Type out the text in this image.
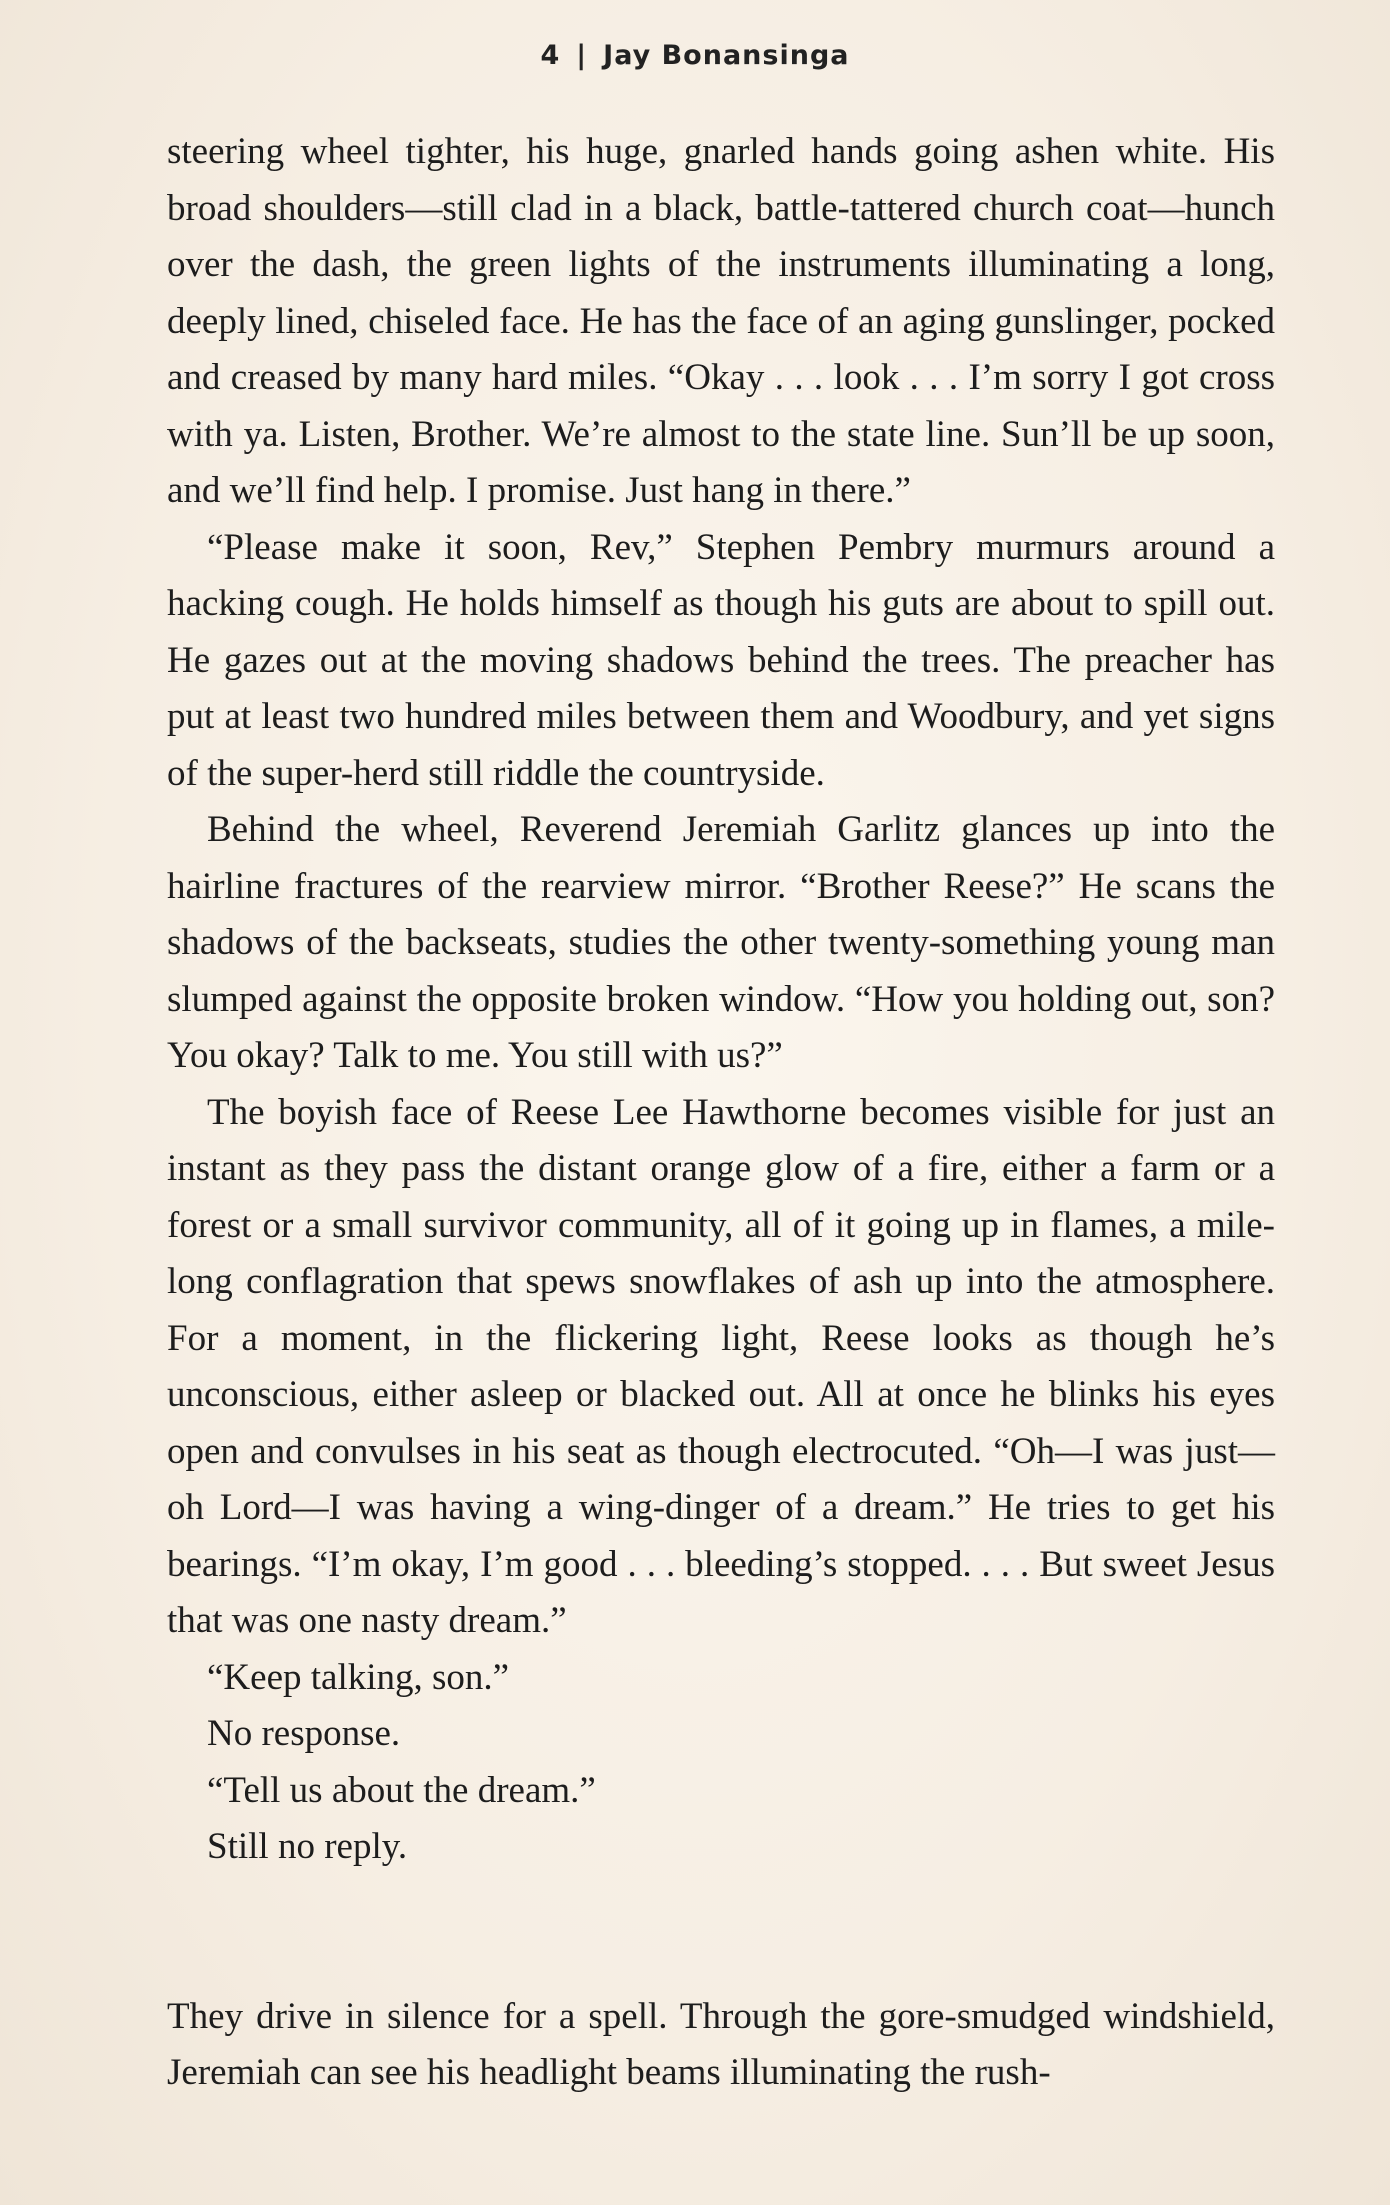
4 | Jay Bonansinga

steering wheel tighter, his huge, gnarled hands going ashen white. His broad shoulders—still clad in a black, battle-tattered church coat—hunch over the dash, the green lights of the instruments illuminating a long, deeply lined, chiseled face. He has the face of an aging gunslinger, pocked and creased by many hard miles. “Okay . . . look . . . I’m sorry I got cross with ya. Listen, Brother. We’re almost to the state line. Sun’ll be up soon, and we’ll find help. I promise. Just hang in there.”

“Please make it soon, Rev,” Stephen Pembry murmurs around a hacking cough. He holds himself as though his guts are about to spill out. He gazes out at the moving shadows behind the trees. The preacher has put at least two hundred miles between them and Woodbury, and yet signs of the super-herd still riddle the countryside.

Behind the wheel, Reverend Jeremiah Garlitz glances up into the hairline fractures of the rearview mirror. “Brother Reese?” He scans the shadows of the backseats, studies the other twenty-something young man slumped against the opposite broken window. “How you holding out, son? You okay? Talk to me. You still with us?”

The boyish face of Reese Lee Hawthorne becomes visible for just an instant as they pass the distant orange glow of a fire, either a farm or a forest or a small survivor community, all of it going up in flames, a mile-long conflagration that spews snowflakes of ash up into the atmosphere. For a moment, in the flickering light, Reese looks as though he’s unconscious, either asleep or blacked out. All at once he blinks his eyes open and convulses in his seat as though electrocuted. “Oh—I was just—oh Lord—I was having a wing-dinger of a dream.” He tries to get his bearings. “I’m okay, I’m good . . . bleeding’s stopped. . . . But sweet Jesus that was one nasty dream.”

“Keep talking, son.”

No response.

“Tell us about the dream.”

Still no reply.

They drive in silence for a spell. Through the gore-smudged windshield, Jeremiah can see his headlight beams illuminating the rush-
